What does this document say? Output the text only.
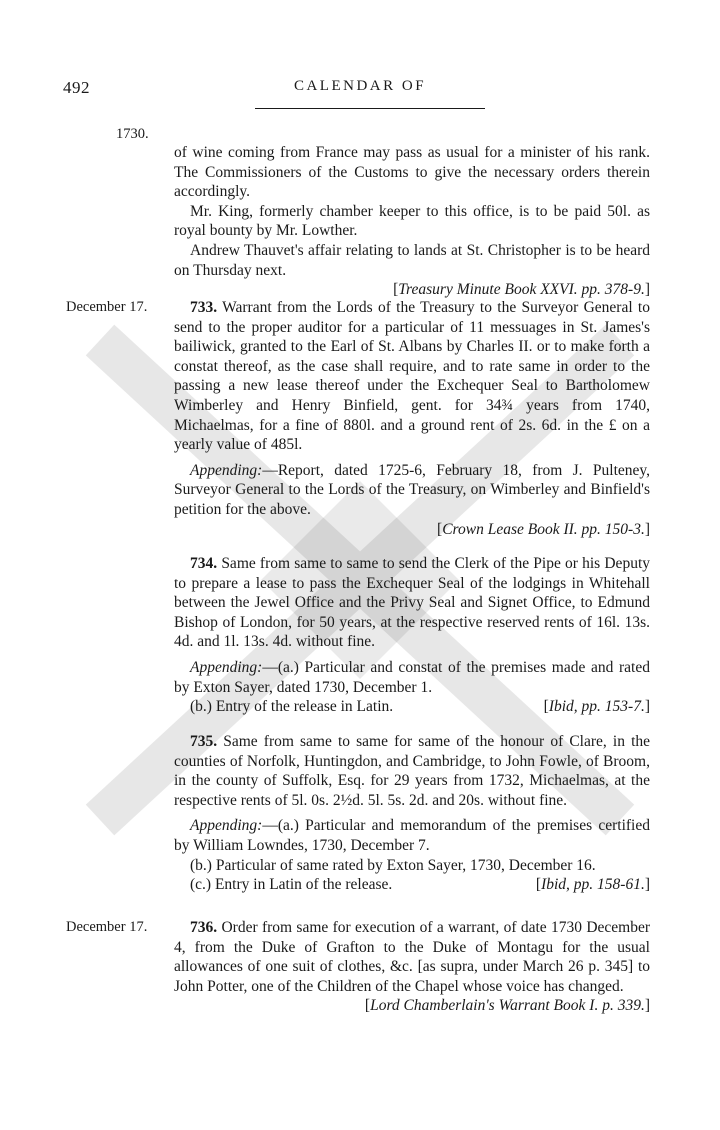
492	CALENDAR OF
1730.

of wine coming from France may pass as usual for a minister of his rank. The Commissioners of the Customs to give the necessary orders therein accordingly.

Mr. King, formerly chamber keeper to this office, is to be paid 50l. as royal bounty by Mr. Lowther.

Andrew Thauvet's affair relating to lands at St. Christopher is to be heard on Thursday next.

[Treasury Minute Book XXVI. pp. 378-9.]

December 17.	733. Warrant from the Lords of the Treasury to the Surveyor General to send to the proper auditor for a particular of 11 messuages in St. James's bailiwick, granted to the Earl of St. Albans by Charles II. or to make forth a constat thereof, as the case shall require, and to rate same in order to the passing a new lease thereof under the Exchequer Seal to Bartholomew Wimberley and Henry Binfield, gent. for 34¾ years from 1740, Michaelmas, for a fine of 880l. and a ground rent of 2s. 6d. in the £ on a yearly value of 485l.

Appending:—Report, dated 1725-6, February 18, from J. Pulteney, Surveyor General to the Lords of the Treasury, on Wimberley and Binfield's petition for the above.

[Crown Lease Book II. pp. 150-3.]

734. Same from same to same to send the Clerk of the Pipe or his Deputy to prepare a lease to pass the Exchequer Seal of the lodgings in Whitehall between the Jewel Office and the Privy Seal and Signet Office, to Edmund Bishop of London, for 50 years, at the respective reserved rents of 16l. 13s. 4d. and 1l. 13s. 4d. without fine.

Appending:—(a.) Particular and constat of the premises made and rated by Exton Sayer, dated 1730, December 1.

(b.) Entry of the release in Latin.	[Ibid, pp. 153-7.]

735. Same from same to same for same of the honour of Clare, in the counties of Norfolk, Huntingdon, and Cambridge, to John Fowle, of Broom, in the county of Suffolk, Esq. for 29 years from 1732, Michaelmas, at the respective rents of 5l. 0s. 2½d. 5l. 5s. 2d. and 20s. without fine.

Appending:—(a.) Particular and memorandum of the premises certified by William Lowndes, 1730, December 7.

(b.) Particular of same rated by Exton Sayer, 1730, December 16.

(c.) Entry in Latin of the release.	[Ibid, pp. 158-61.]
December 17.	736. Order from same for execution of a warrant, of date 1730 December 4, from the Duke of Grafton to the Duke of Montagu for the usual allowances of one suit of clothes, &c. [as supra, under March 26 p. 345] to John Potter, one of the Children of the Chapel whose voice has changed.

[Lord Chamberlain's Warrant Book I. p. 339.]
